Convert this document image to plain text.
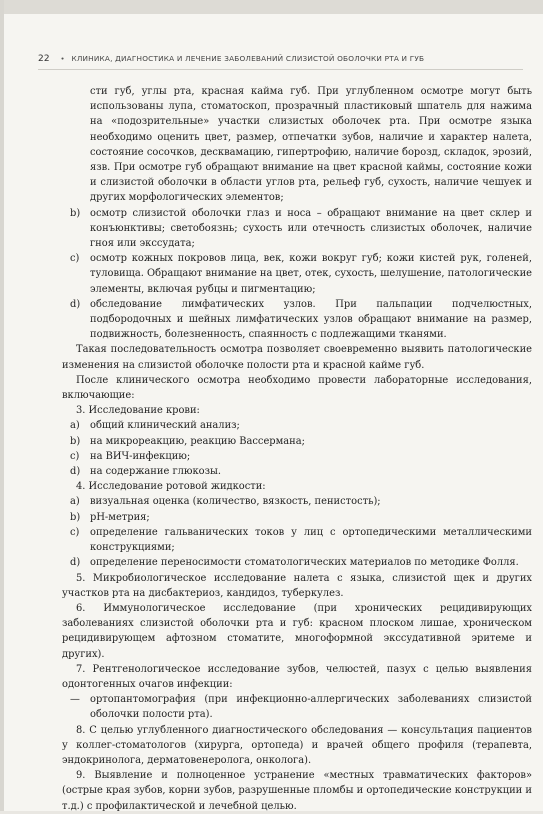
22 • КЛИНИКА, ДИАГНОСТИКА И ЛЕЧЕНИЕ ЗАБОЛЕВАНИЙ СЛИЗИСТОЙ ОБОЛОЧКИ РТА И ГУБ

сти губ, углы рта, красная кайма губ. При углубленном осмотре могут быть использованы лупа, стоматоскоп, прозрачный пластиковый шпатель для нажима на «подозрительные» участки слизистых оболочек рта. При осмотре языка необходимо оценить цвет, размер, отпечатки зубов, наличие и характер налета, состояние сосочков, десквамацию, гипертрофию, наличие борозд, складок, эрозий, язв. При осмотре губ обращают внимание на цвет красной каймы, состояние кожи и слизистой оболочки в области углов рта, рельеф губ, сухость, наличие чешуек и других морфологических элементов;

b) осмотр слизистой оболочки глаз и носа – обращают внимание на цвет склер и конъюнктивы; светобоязнь; сухость или отечность слизистых оболочек, наличие гноя или экссудата;
c)	осмотр кожных покровов лица, век, кожи вокруг губ; кожи кистей рук, голеней, туловища. Обращают внимание на цвет, отек, сухость, шелушение, патологические элементы, включая рубцы и пигментацию;
d) обследование лимфатических узлов. При пальпации подчелюстных, подбородочных и шейных лимфатических узлов обращают внимание на размер, подвижность, болезненность, спаянность с подлежащими тканями.

Такая последовательность осмотра позволяет своевременно выявить патологические изменения на слизистой оболочке полости рта и красной кайме губ.

После клинического осмотра необходимо провести лабораторные исследования, включающие:

3. Исследование крови:

a)	общий клинический анализ;
b) на микрореакцию, реакцию Вассермана;
c)	на ВИЧ-инфекцию;
d) на содержание глюкозы.

4. Исследование ротовой жидкости:

a)	визуальная оценка (количество, вязкость, пенистость);
b) pH-метрия;
c)	определение гальванических токов у лиц с ортопедическими металлическими конструкциями;
d) определение переносимости стоматологических материалов по методике Фолля.

5. Микробиологическое исследование налета с языка, слизистой щек и других участков рта на дисбактериоз, кандидоз, туберкулез.

6. Иммунологическое исследование (при хронических рецидивирующих заболеваниях слизистой оболочки рта и губ: красном плоском лишае, хроническом рецидивирующем афтозном стоматите, многоформной экссудативной эритеме и других).

7. Рентгенологическое исследование зубов, челюстей, пазух с целью выявления одонтогенных очагов инфекции:

—	ортопантомография (при инфекционно-аллергических заболеваниях слизистой оболочки полости рта).

8. С целью углубленного диагностического обследования — консультация пациентов у коллег-стоматологов (хирурга, ортопеда) и врачей общего профиля (терапевта, эндокринолога, дерматовенеролога, онколога).

9. Выявление и полноценное устранение «местных травматических факторов» (острые края зубов, корни зубов, разрушенные пломбы и ортопедические конструкции и т.д.) с профилактической и лечебной целью.
